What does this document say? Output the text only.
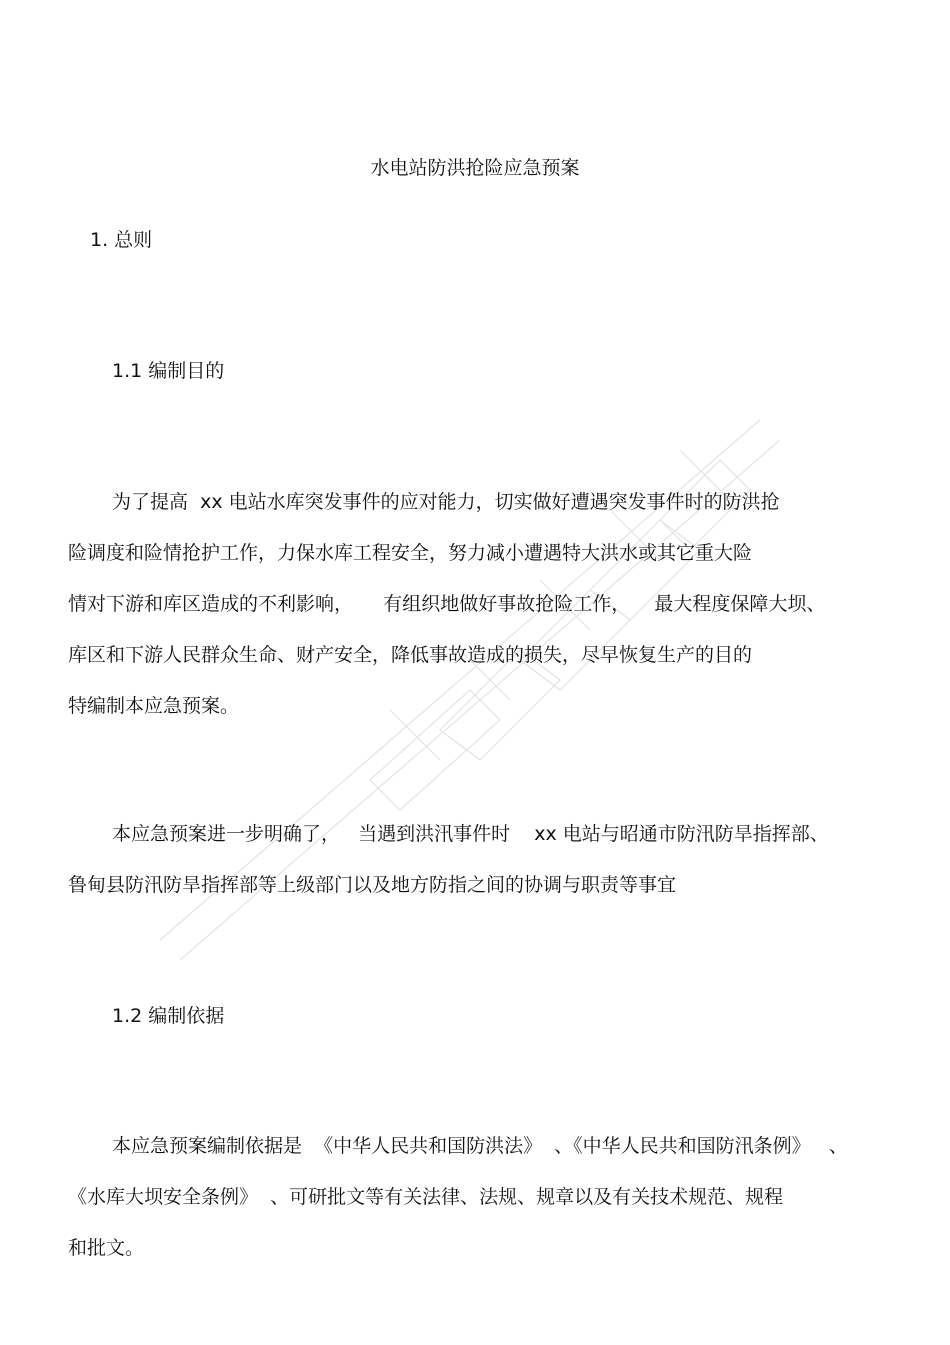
水电站防洪抢险应急预案
1. 总则
1.1 编制目的
为了提高  xx 电站水库突发事件的应对能力，切实做好遭遇突发事件时的防洪抢
险调度和险情抢护工作，力保水库工程安全，努力减小遭遇特大洪水或其它重大险
情对下游和库区造成的不利影响，     有组织地做好事故抢险工作，    最大程度保障大坝、
库区和下游人民群众生命、财产安全，降低事故造成的损失，尽早恢复生产的目的
特编制本应急预案。
本应急预案进一步明确了，   当遇到洪汛事件时    xx 电站与昭通市防汛防旱指挥部、
鲁甸县防汛防旱指挥部等上级部门以及地方防指之间的协调与职责等事宜
1.2 编制依据
本应急预案编制依据是  《中华人民共和国防洪法》  、《中华人民共和国防汛条例》   、
《水库大坝安全条例》  、可研批文等有关法律、法规、规章以及有关技术规范、规程
和批文。
